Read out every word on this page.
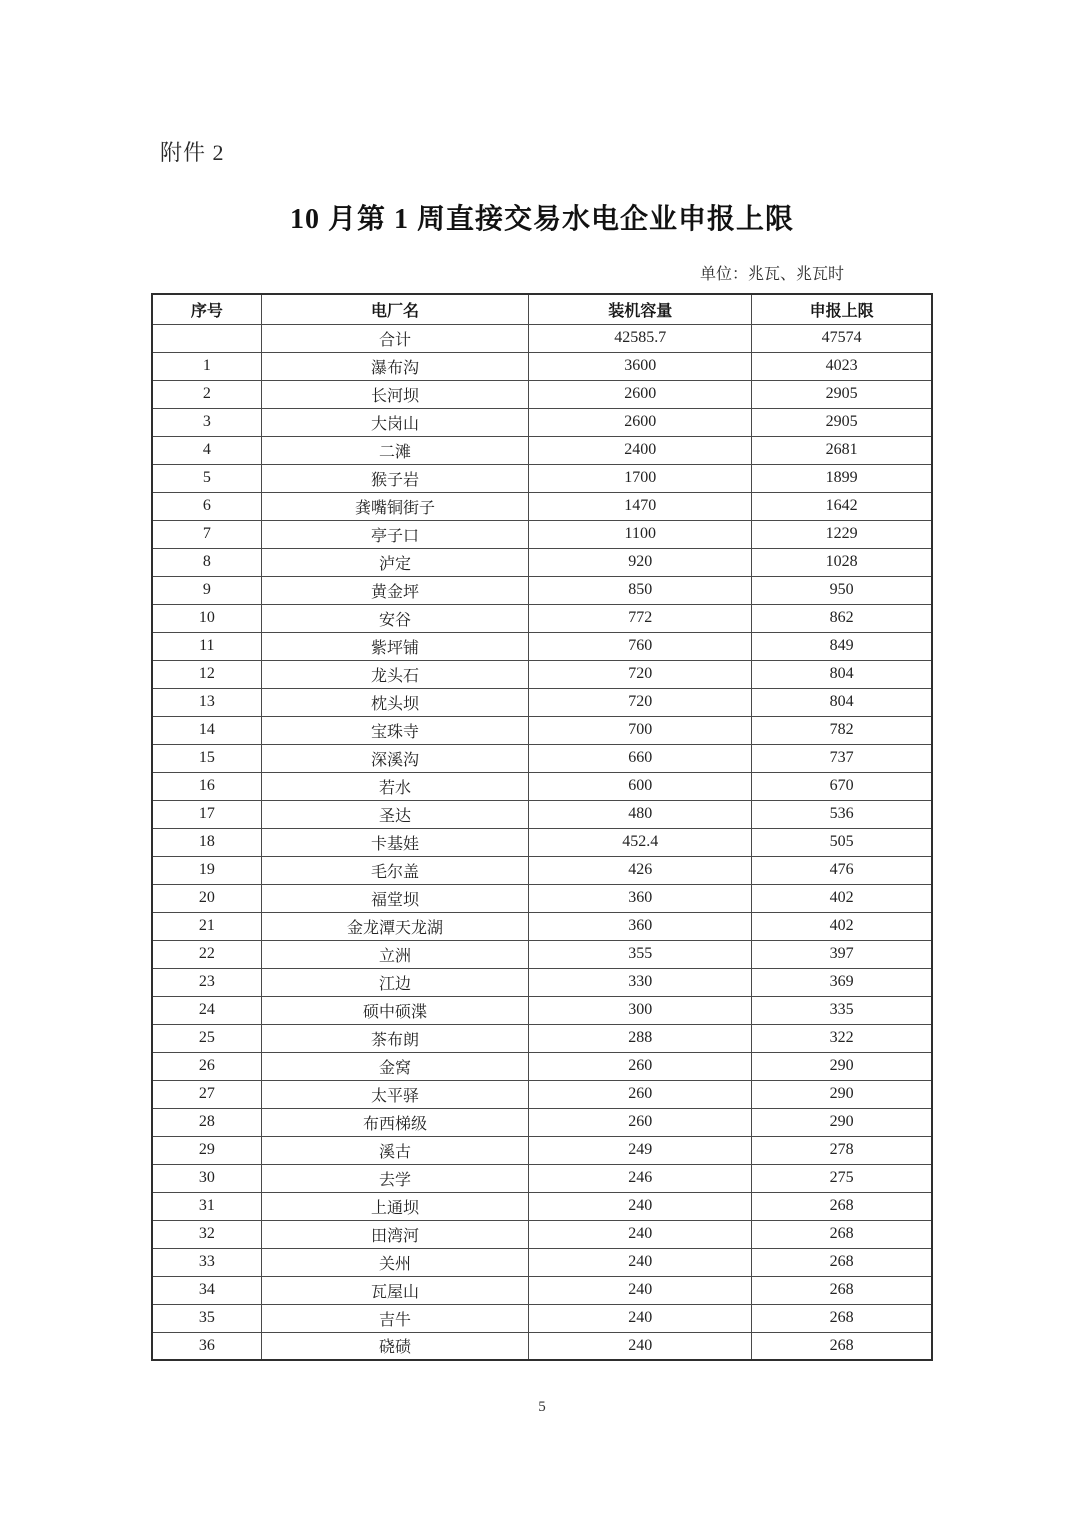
附件 2
10 月第 1 周直接交易水电企业申报上限
单位：兆瓦、兆瓦时
序号	电厂名	装机容量	申报上限
	合计	42585.7	47574
1	瀑布沟	3600	4023
2	长河坝	2600	2905
3	大岗山	2600	2905
4	二滩	2400	2681
5	猴子岩	1700	1899
6	龚嘴铜街子	1470	1642
7	亭子口	1100	1229
8	泸定	920	1028
9	黄金坪	850	950
10	安谷	772	862
11	紫坪铺	760	849
12	龙头石	720	804
13	枕头坝	720	804
14	宝珠寺	700	782
15	深溪沟	660	737
16	若水	600	670
17	圣达	480	536
18	卡基娃	452.4	505
19	毛尔盖	426	476
20	福堂坝	360	402
21	金龙潭天龙湖	360	402
22	立洲	355	397
23	江边	330	369
24	硕中硕渫	300	335
25	茶布朗	288	322
26	金窝	260	290
27	太平驿	260	290
28	布西梯级	260	290
29	溪古	249	278
30	去学	246	275
31	上通坝	240	268
32	田湾河	240	268
33	关州	240	268
34	瓦屋山	240	268
35	吉牛	240	268
36	硗碛	240	268
5
